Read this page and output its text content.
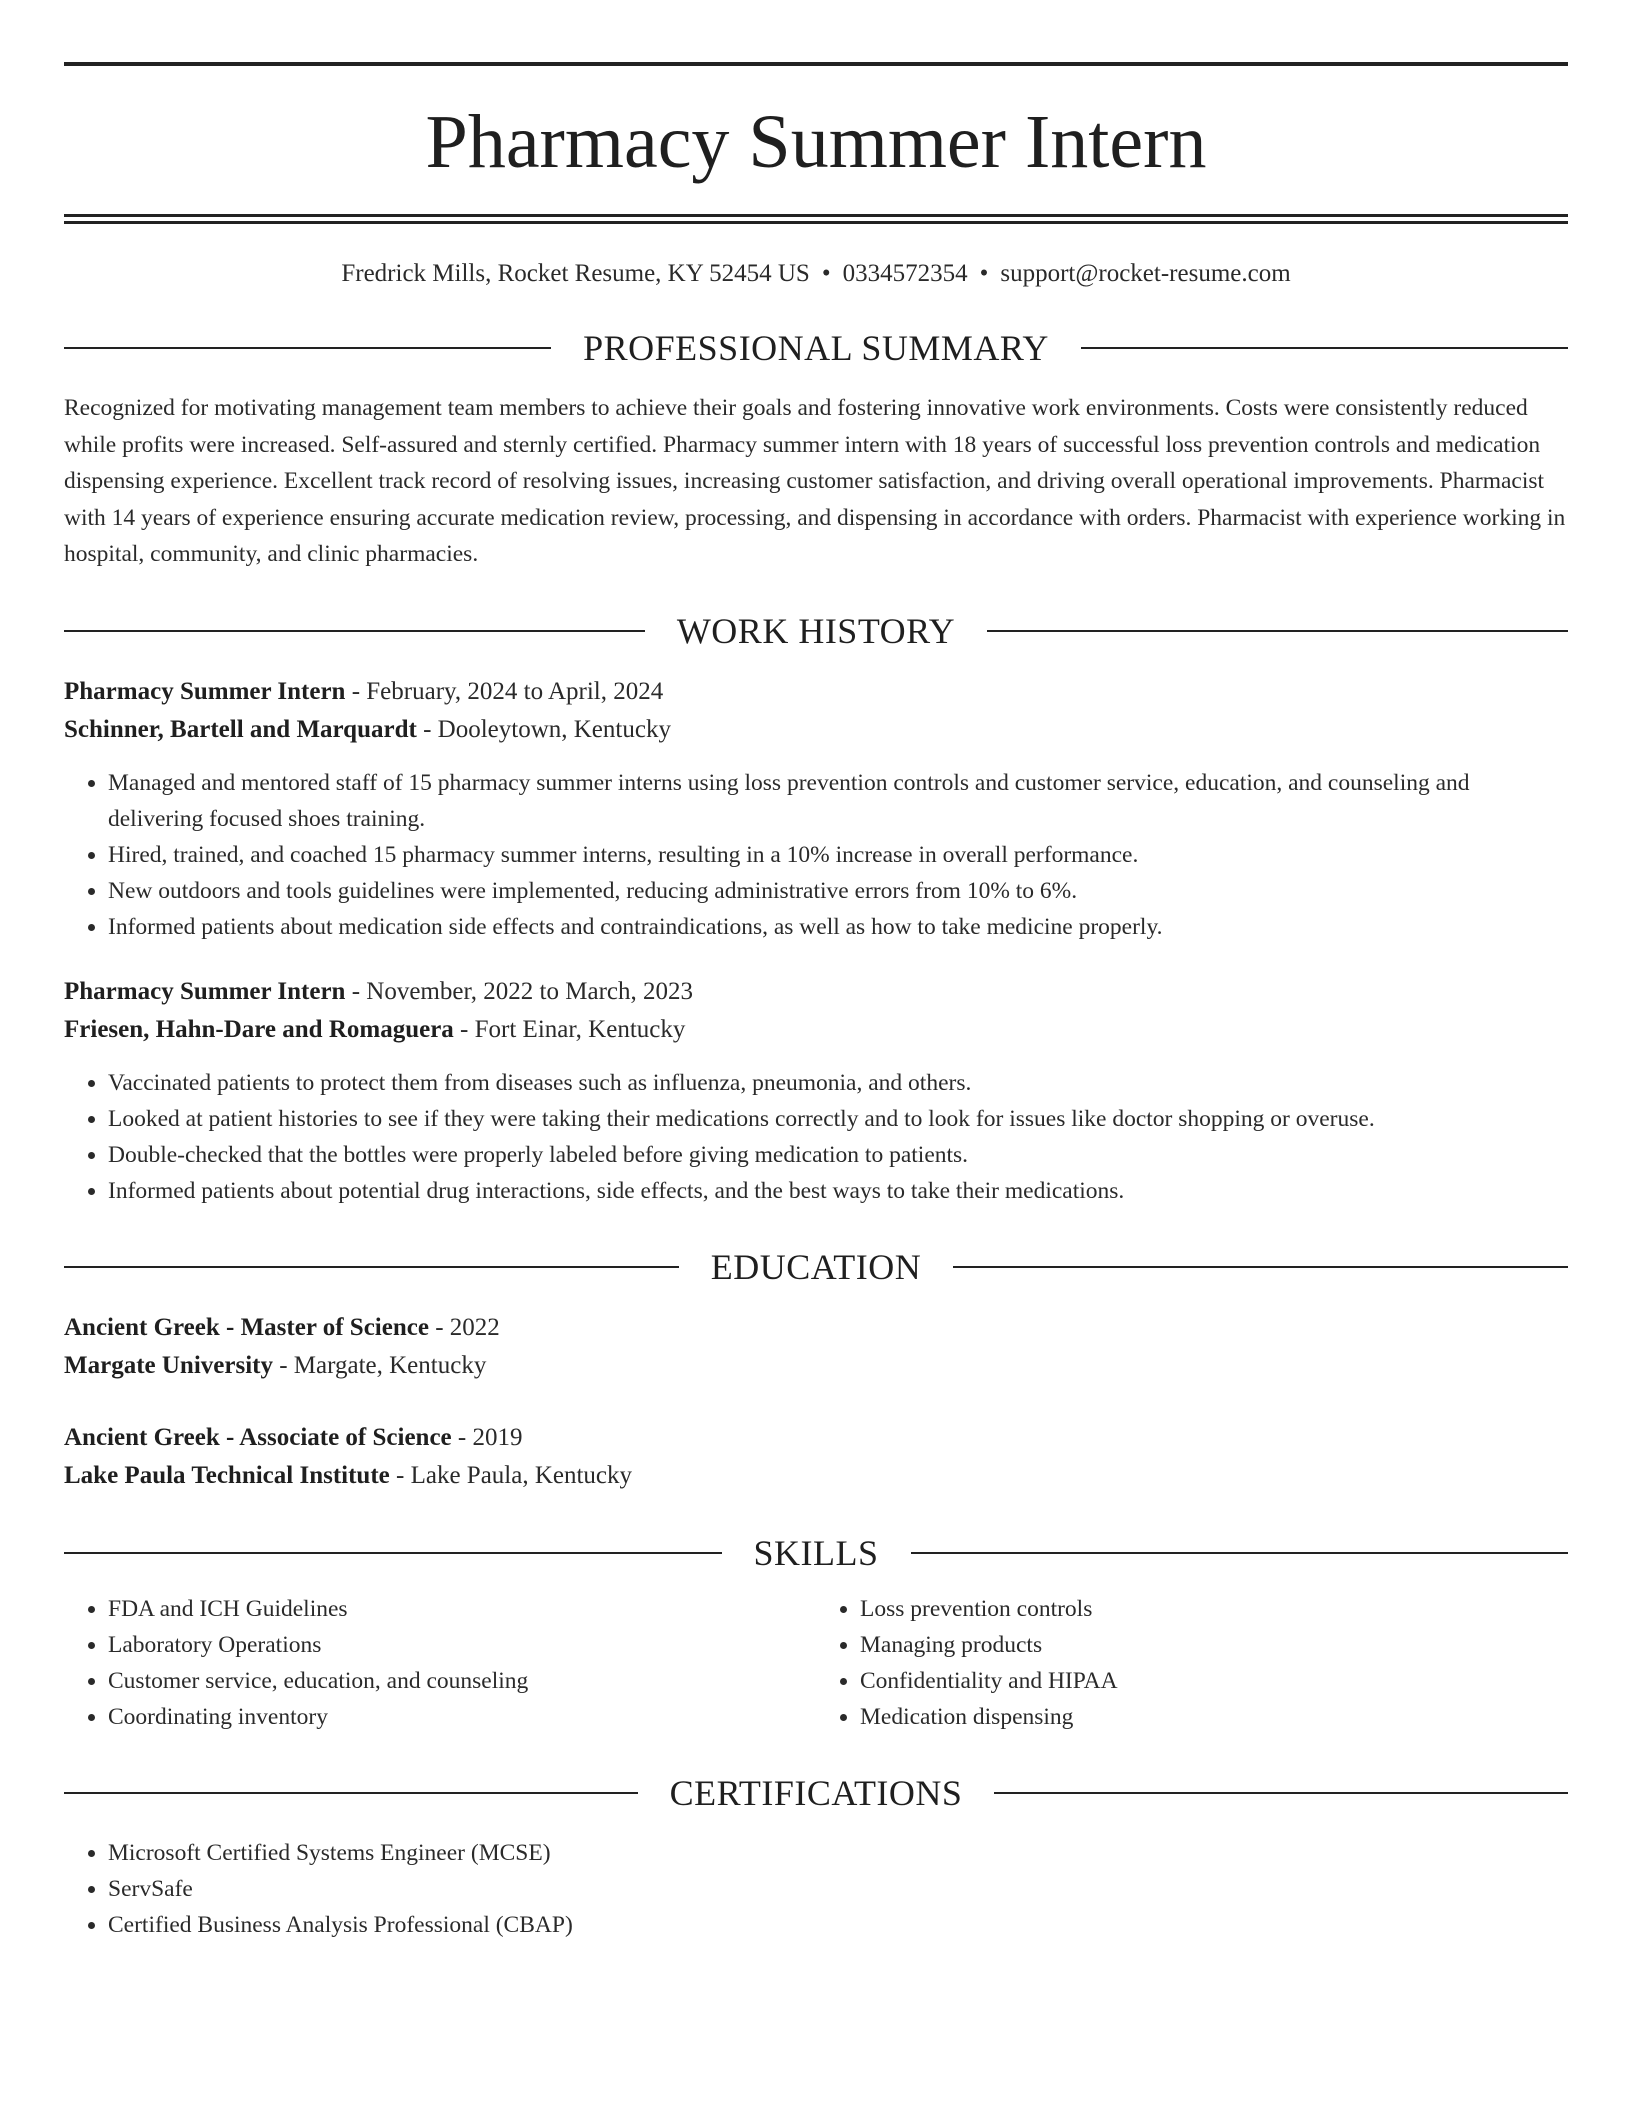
Pharmacy Summer Intern
Fredrick Mills, Rocket Resume, KY 52454 US • 0334572354 • support@rocket-resume.com
PROFESSIONAL SUMMARY
Recognized for motivating management team members to achieve their goals and fostering innovative work environments. Costs were consistently reduced while profits were increased. Self-assured and sternly certified. Pharmacy summer intern with 18 years of successful loss prevention controls and medication dispensing experience. Excellent track record of resolving issues, increasing customer satisfaction, and driving overall operational improvements. Pharmacist with 14 years of experience ensuring accurate medication review, processing, and dispensing in accordance with orders. Pharmacist with experience working in hospital, community, and clinic pharmacies.
WORK HISTORY
Pharmacy Summer Intern - February, 2024 to April, 2024
Schinner, Bartell and Marquardt - Dooleytown, Kentucky
• Managed and mentored staff of 15 pharmacy summer interns using loss prevention controls and customer service, education, and counseling and delivering focused shoes training.
• Hired, trained, and coached 15 pharmacy summer interns, resulting in a 10% increase in overall performance.
• New outdoors and tools guidelines were implemented, reducing administrative errors from 10% to 6%.
• Informed patients about medication side effects and contraindications, as well as how to take medicine properly.
Pharmacy Summer Intern - November, 2022 to March, 2023
Friesen, Hahn-Dare and Romaguera - Fort Einar, Kentucky
• Vaccinated patients to protect them from diseases such as influenza, pneumonia, and others.
• Looked at patient histories to see if they were taking their medications correctly and to look for issues like doctor shopping or overuse.
• Double-checked that the bottles were properly labeled before giving medication to patients.
• Informed patients about potential drug interactions, side effects, and the best ways to take their medications.
EDUCATION
Ancient Greek - Master of Science - 2022
Margate University - Margate, Kentucky
Ancient Greek - Associate of Science - 2019
Lake Paula Technical Institute - Lake Paula, Kentucky
SKILLS
• FDA and ICH Guidelines
• Laboratory Operations
• Customer service, education, and counseling
• Coordinating inventory
• Loss prevention controls
• Managing products
• Confidentiality and HIPAA
• Medication dispensing
CERTIFICATIONS
• Microsoft Certified Systems Engineer (MCSE)
• ServSafe
• Certified Business Analysis Professional (CBAP)
